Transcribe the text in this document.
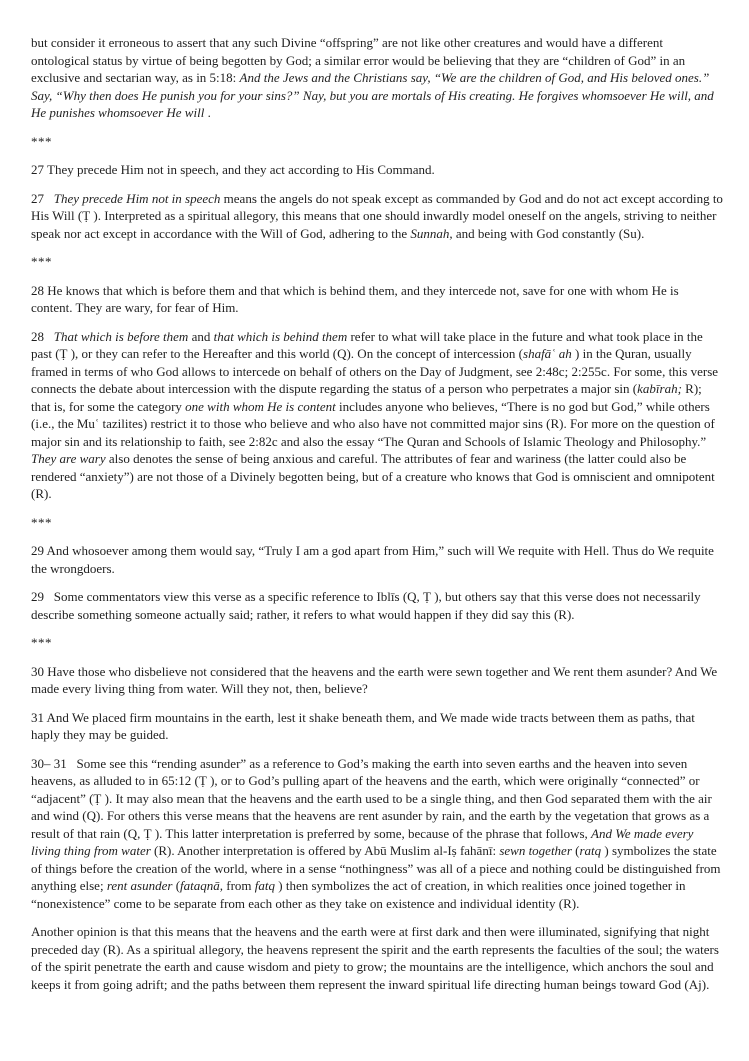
but consider it erroneous to assert that any such Divine “offspring” are not like other creatures and would have a different ontological status by virtue of being begotten by God; a similar error would be believing that they are “children of God” in an exclusive and sectarian way, as in 5:18: And the Jews and the Christians say, “We are the children of God, and His beloved ones.” Say, “Why then does He punish you for your sins?” Nay, but you are mortals of His creating. He forgives whomsoever He will, and He punishes whomsoever He will .

***

27 They precede Him not in speech, and they act according to His Command.

27   They precede Him not in speech means the angels do not speak except as commanded by God and do not act except according to His Will (Ṭ ). Interpreted as a spiritual allegory, this means that one should inwardly model oneself on the angels, striving to neither speak nor act except in accordance with the Will of God, adhering to the Sunnah, and being with God constantly (Su).

***

28 He knows that which is before them and that which is behind them, and they intercede not, save for one with whom He is content. They are wary, for fear of Him.

28   That which is before them and that which is behind them refer to what will take place in the future and what took place in the past (Ṭ ), or they can refer to the Hereafter and this world (Q). On the concept of intercession (shafāʿ ah ) in the Quran, usually framed in terms of who God allows to intercede on behalf of others on the Day of Judgment, see 2:48c; 2:255c. For some, this verse connects the debate about intercession with the dispute regarding the status of a person who perpetrates a major sin (kabīrah; R); that is, for some the category one with whom He is content includes anyone who believes, “There is no god but God,” while others (i.e., the Muʿ tazilites) restrict it to those who believe and who also have not committed major sins (R). For more on the question of major sin and its relationship to faith, see 2:82c and also the essay “The Quran and Schools of Islamic Theology and Philosophy.” They are wary also denotes the sense of being anxious and careful. The attributes of fear and wariness (the latter could also be rendered “anxiety”) are not those of a Divinely begotten being, but of a creature who knows that God is omniscient and omnipotent (R).

***

29 And whosoever among them would say, “Truly I am a god apart from Him,” such will We requite with Hell. Thus do We requite the wrongdoers.

29   Some commentators view this verse as a specific reference to Iblīs (Q, Ṭ ), but others say that this verse does not necessarily describe something someone actually said; rather, it refers to what would happen if they did say this (R).

***

30 Have those who disbelieve not considered that the heavens and the earth were sewn together and We rent them asunder? And We made every living thing from water. Will they not, then, believe?

31 And We placed firm mountains in the earth, lest it shake beneath them, and We made wide tracts between them as paths, that haply they may be guided.

30– 31   Some see this “rending asunder” as a reference to God’s making the earth into seven earths and the heaven into seven heavens, as alluded to in 65:12 (Ṭ ), or to God’s pulling apart of the heavens and the earth, which were originally “connected” or “adjacent” (Ṭ ). It may also mean that the heavens and the earth used to be a single thing, and then God separated them with the air and wind (Q). For others this verse means that the heavens are rent asunder by rain, and the earth by the vegetation that grows as a result of that rain (Q, Ṭ ). This latter interpretation is preferred by some, because of the phrase that follows, And We made every living thing from water (R). Another interpretation is offered by Abū Muslim al-Iṣ fahānī: sewn together (ratq ) symbolizes the state of things before the creation of the world, where in a sense “nothingness” was all of a piece and nothing could be distinguished from anything else; rent asunder (fataqnā, from fatq ) then symbolizes the act of creation, in which realities once joined together in “nonexistence” come to be separate from each other as they take on existence and individual identity (R).

Another opinion is that this means that the heavens and the earth were at first dark and then were illuminated, signifying that night preceded day (R). As a spiritual allegory, the heavens represent the spirit and the earth represents the faculties of the soul; the waters of the spirit penetrate the earth and cause wisdom and piety to grow; the mountains are the intelligence, which anchors the soul and keeps it from going adrift; and the paths between them represent the inward spiritual life directing human beings toward God (Aj).
